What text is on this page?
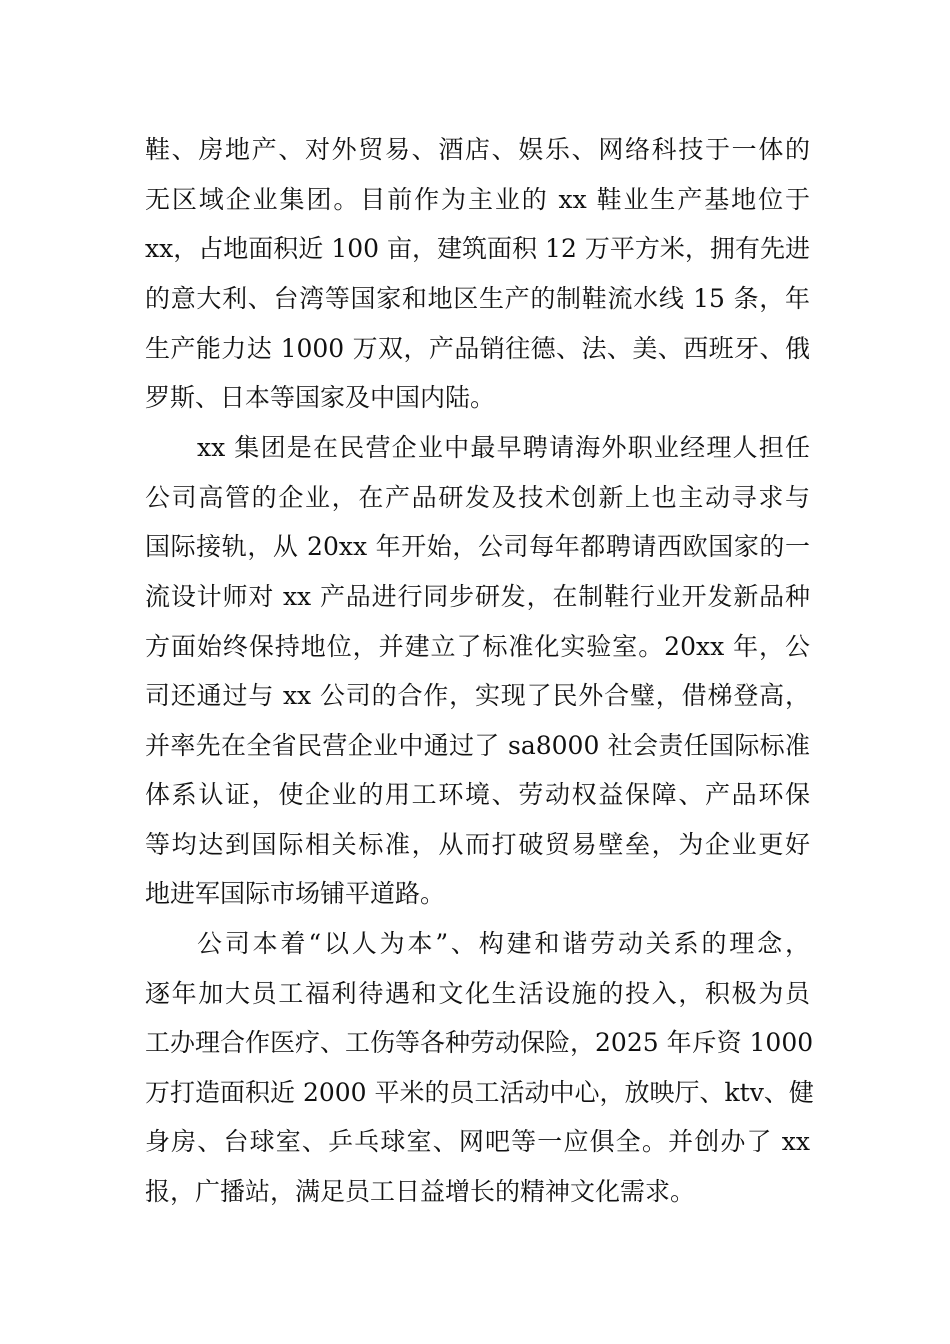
鞋、房地产、对外贸易、酒店、娱乐、网络科技于一体的
无区域企业集团。目前作为主业的 xx 鞋业生产基地位于
xx，占地面积近 100 亩，建筑面积 12 万平方米，拥有先进
的意大利、台湾等国家和地区生产的制鞋流水线 15 条，年
生产能力达 1000 万双，产品销往德、法、美、西班牙、俄
罗斯、日本等国家及中国内陆。
xx 集团是在民营企业中最早聘请海外职业经理人担任
公司高管的企业，在产品研发及技术创新上也主动寻求与
国际接轨，从 20xx 年开始，公司每年都聘请西欧国家的一
流设计师对 xx 产品进行同步研发，在制鞋行业开发新品种
方面始终保持地位，并建立了标准化实验室。20xx 年，公
司还通过与 xx 公司的合作，实现了民外合璧，借梯登高，
并率先在全省民营企业中通过了 sa8000 社会责任国际标准
体系认证，使企业的用工环境、劳动权益保障、产品环保
等均达到国际相关标准，从而打破贸易壁垒，为企业更好
地进军国际市场铺平道路。
公司本着“以人为本”、构建和谐劳动关系的理念，
逐年加大员工福利待遇和文化生活设施的投入，积极为员
工办理合作医疗、工伤等各种劳动保险，2025 年斥资 1000
万打造面积近 2000 平米的员工活动中心，放映厅、ktv、健
身房、台球室、乒乓球室、网吧等一应俱全。并创办了 xx
报，广播站，满足员工日益增长的精神文化需求。
